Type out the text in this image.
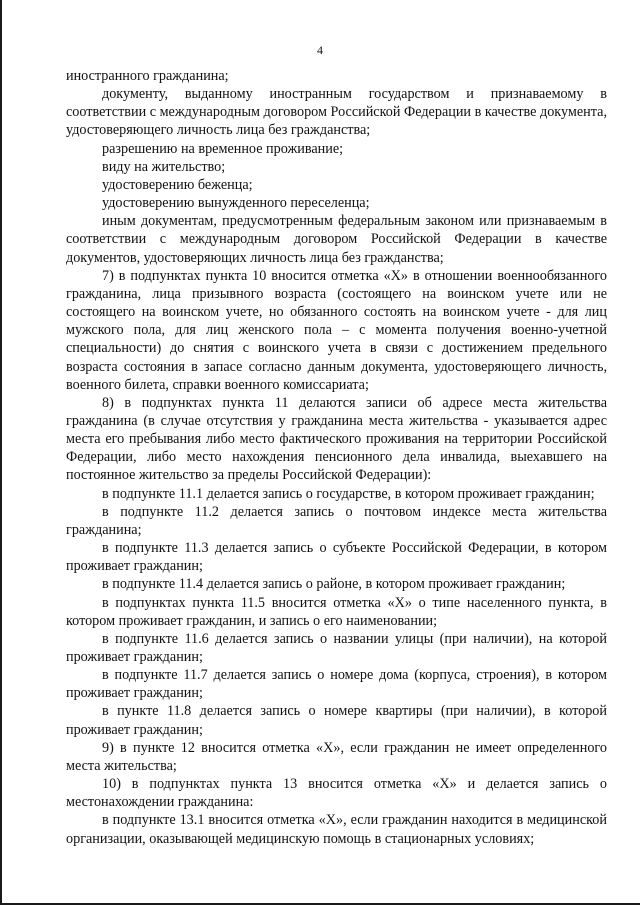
4

иностранного гражданина;

документу, выданному иностранным государством и признаваемому в соответствии с международным договором Российской Федерации в качестве документа, удостоверяющего личность лица без гражданства;

разрешению на временное проживание;

виду на жительство;

удостоверению беженца;

удостоверению вынужденного переселенца;

иным документам, предусмотренным федеральным законом или признаваемым в соответствии с международным договором Российской Федерации в качестве документов, удостоверяющих личность лица без гражданства;

7) в подпунктах пункта 10 вносится отметка «X» в отношении военнообязанного гражданина, лица призывного возраста (состоящего на воинском учете или не состоящего на воинском учете, но обязанного состоять на воинском учете - для лиц мужского пола, для лиц женского пола – с момента получения военно-учетной специальности) до снятия с воинского учета в связи с достижением предельного возраста состояния в запасе согласно данным документа, удостоверяющего личность, военного билета, справки военного комиссариата;

8) в подпунктах пункта 11 делаются записи об адресе места жительства гражданина (в случае отсутствия у гражданина места жительства - указывается адрес места его пребывания либо место фактического проживания на территории Российской Федерации, либо место нахождения пенсионного дела инвалида, выехавшего на постоянное жительство за пределы Российской Федерации):

в подпункте 11.1 делается запись о государстве, в котором проживает гражданин;

в подпункте 11.2 делается запись о почтовом индексе места жительства гражданина;

в подпункте 11.3 делается запись о субъекте Российской Федерации, в котором проживает гражданин;

в подпункте 11.4 делается запись о районе, в котором проживает гражданин;

в подпунктах пункта 11.5 вносится отметка «X» о типе населенного пункта, в котором проживает гражданин, и запись о его наименовании;

в подпункте 11.6 делается запись о названии улицы (при наличии), на которой проживает гражданин;

в подпункте 11.7 делается запись о номере дома (корпуса, строения), в котором проживает гражданин;

в пункте 11.8 делается запись о номере квартиры (при наличии), в которой проживает гражданин;

9) в пункте 12 вносится отметка «X», если гражданин не имеет определенного места жительства;

10) в подпунктах пункта 13 вносится отметка «X» и делается запись о местонахождении гражданина:

в подпункте 13.1 вносится отметка «X», если гражданин находится в медицинской организации, оказывающей медицинскую помощь в стационарных условиях;
